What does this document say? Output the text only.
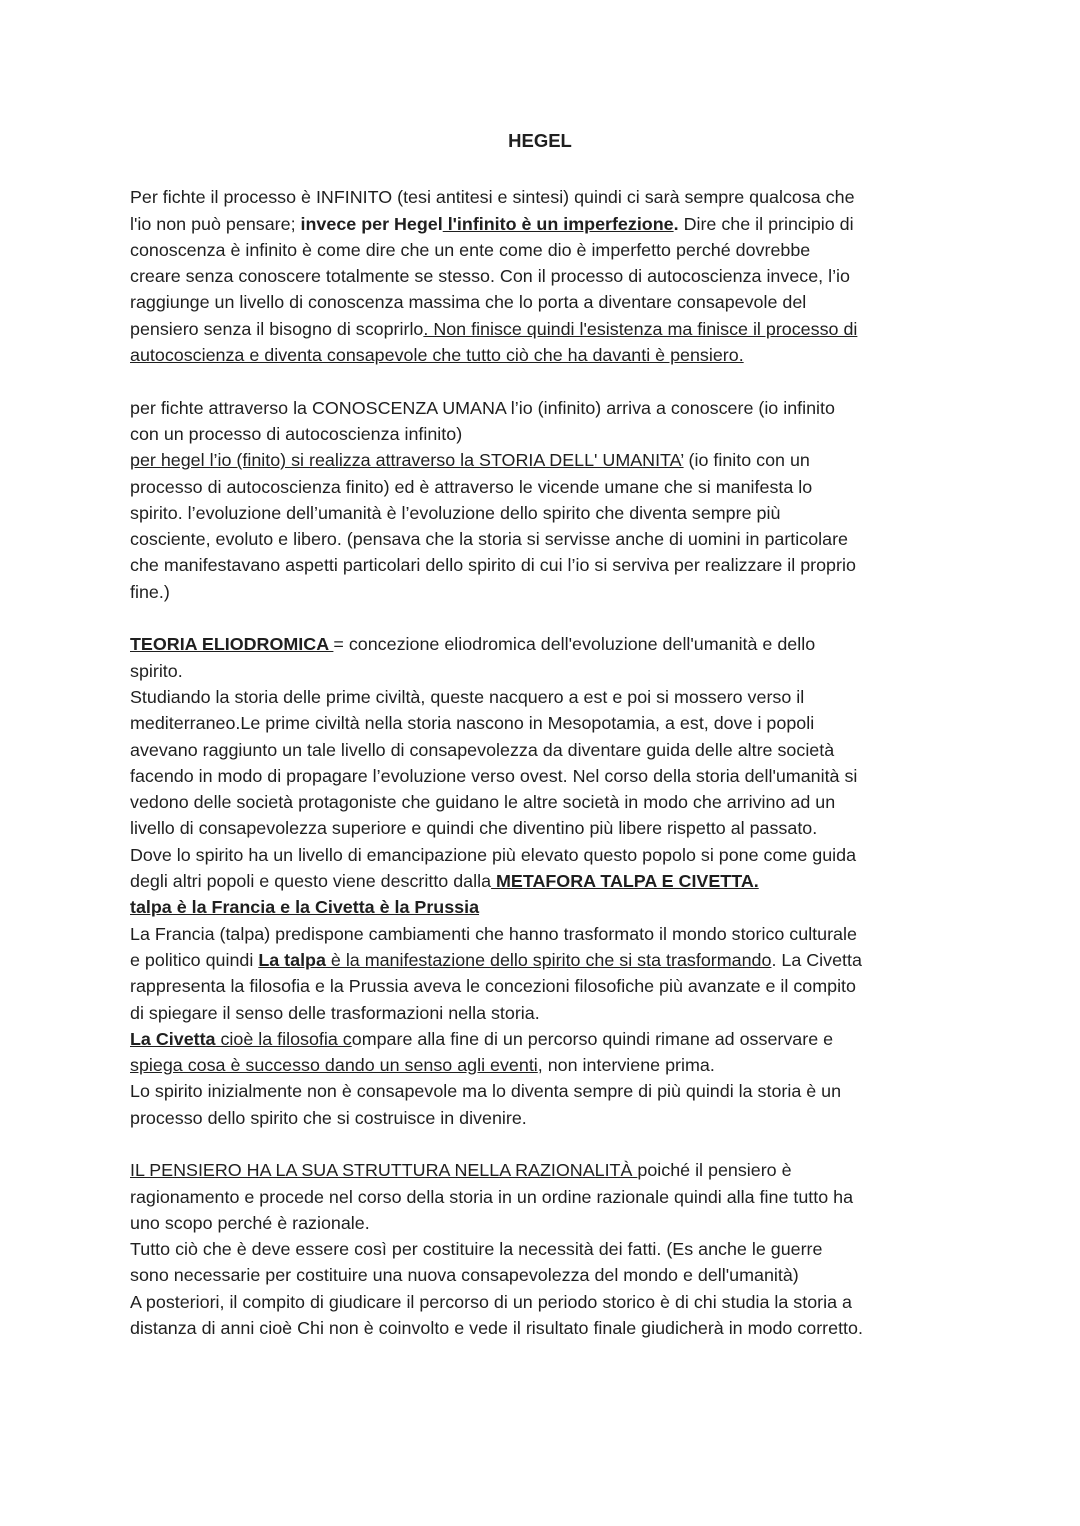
HEGEL
Per fichte il processo è INFINITO (tesi antitesi e sintesi) quindi ci sarà sempre qualcosa che
l'io non può pensare; invece per Hegel l'infinito è un imperfezione. Dire che il principio di
conoscenza è infinito è come dire che un ente come dio è imperfetto perché dovrebbe
creare senza conoscere totalmente se stesso. Con il processo di autocoscienza invece, l’io
raggiunge un livello di conoscenza massima che lo porta a diventare consapevole del
pensiero senza il bisogno di scoprirlo. Non finisce quindi l'esistenza ma finisce il processo di
autocoscienza e diventa consapevole che tutto ciò che ha davanti è pensiero.
per fichte attraverso la CONOSCENZA UMANA l’io (infinito) arriva a conoscere (io infinito
con un processo di autocoscienza infinito)
per hegel l’io (finito) si realizza attraverso la STORIA DELL' UMANITA’ (io finito con un
processo di autocoscienza finito) ed è attraverso le vicende umane che si manifesta lo
spirito. l’evoluzione dell’umanità è l’evoluzione dello spirito che diventa sempre più
cosciente, evoluto e libero. (pensava che la storia si servisse anche di uomini in particolare
che manifestavano aspetti particolari dello spirito di cui l’io si serviva per realizzare il proprio
fine.)
TEORIA ELIODROMICA = concezione eliodromica dell'evoluzione dell'umanità e dello
spirito.
Studiando la storia delle prime civiltà, queste nacquero a est e poi si mossero verso il
mediterraneo.Le prime civiltà nella storia nascono in Mesopotamia, a est, dove i popoli
avevano raggiunto un tale livello di consapevolezza da diventare guida delle altre società
facendo in modo di propagare l’evoluzione verso ovest. Nel corso della storia dell'umanità si
vedono delle società protagoniste che guidano le altre società in modo che arrivino ad un
livello di consapevolezza superiore e quindi che diventino più libere rispetto al passato.
Dove lo spirito ha un livello di emancipazione più elevato questo popolo si pone come guida
degli altri popoli e questo viene descritto dalla METAFORA TALPA E CIVETTA.
talpa è la Francia e la Civetta è la Prussia
La Francia (talpa) predispone cambiamenti che hanno trasformato il mondo storico culturale
e politico quindi La talpa è la manifestazione dello spirito che si sta trasformando. La Civetta
rappresenta la filosofia e la Prussia aveva le concezioni filosofiche più avanzate e il compito
di spiegare il senso delle trasformazioni nella storia.
La Civetta cioè la filosofia compare alla fine di un percorso quindi rimane ad osservare e
spiega cosa è successo dando un senso agli eventi, non interviene prima.
Lo spirito inizialmente non è consapevole ma lo diventa sempre di più quindi la storia è un
processo dello spirito che si costruisce in divenire.
IL PENSIERO HA LA SUA STRUTTURA NELLA RAZIONALITÀ poiché il pensiero è
ragionamento e procede nel corso della storia in un ordine razionale quindi alla fine tutto ha
uno scopo perché è razionale.
Tutto ciò che è deve essere così per costituire la necessità dei fatti. (Es anche le guerre
sono necessarie per costituire una nuova consapevolezza del mondo e dell'umanità)
A posteriori, il compito di giudicare il percorso di un periodo storico è di chi studia la storia a
distanza di anni cioè Chi non è coinvolto e vede il risultato finale giudicherà in modo corretto.
